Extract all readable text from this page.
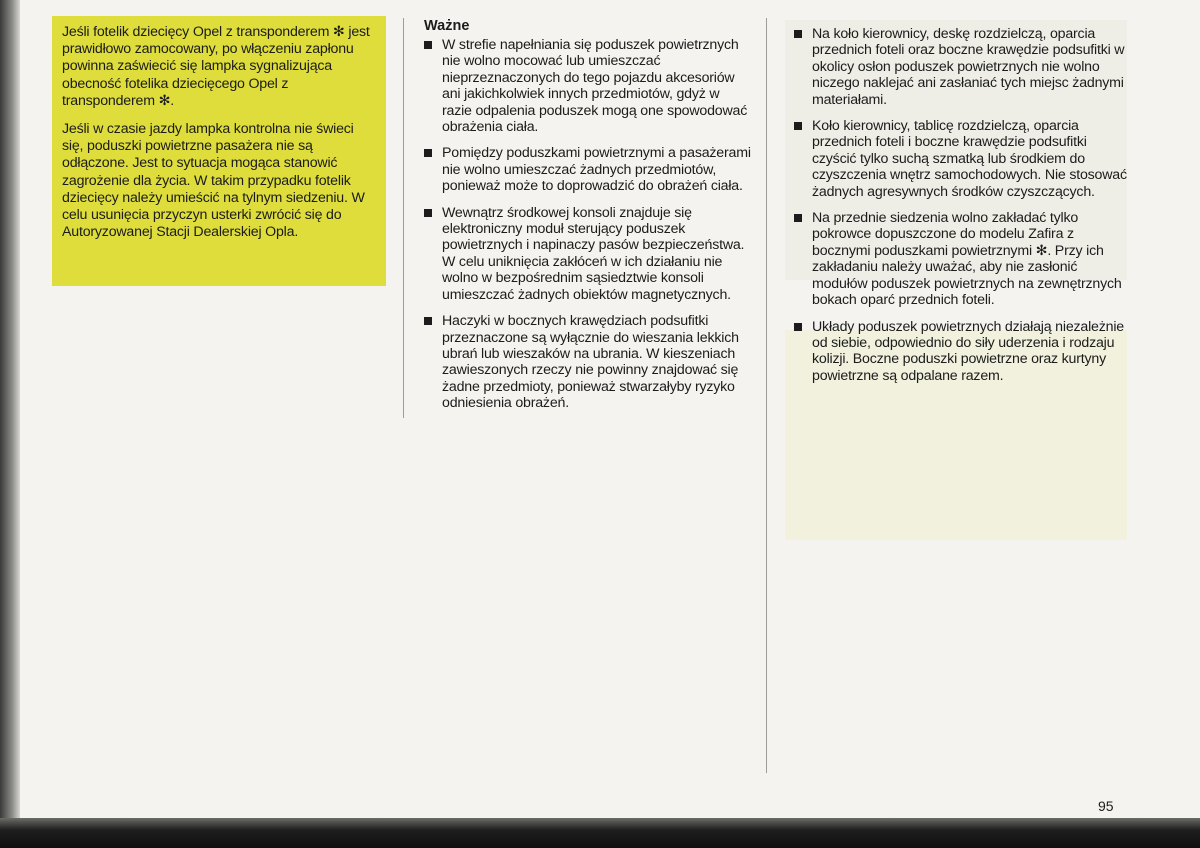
Jeśli fotelik dziecięcy Opel z transponderem ✻ jest prawidłowo zamocowany, po włączeniu zapłonu powinna zaświecić się lampka sygnalizująca obecność fotelika dziecięcego Opel z transponderem ✻.

Jeśli w czasie jazdy lampka kontrolna nie świeci się, poduszki powietrzne pasażera nie są odłączone. Jest to sytuacja mogąca stanowić zagrożenie dla życia. W takim przypadku fotelik dziecięcy należy umieścić na tylnym siedzeniu. W celu usunięcia przyczyn usterki zwrócić się do Autoryzowanej Stacji Dealerskiej Opla.

Ważne
W strefie napełniania się poduszek powietrznych nie wolno mocować lub umieszczać nieprzeznaczonych do tego pojazdu akcesoriów ani jakichkolwiek innych przedmiotów, gdyż w razie odpalenia poduszek mogą one spowodować obrażenia ciała.
Pomiędzy poduszkami powietrznymi a pasażerami nie wolno umieszczać żadnych przedmiotów, ponieważ może to doprowadzić do obrażeń ciała.
Wewnątrz środkowej konsoli znajduje się elektroniczny moduł sterujący poduszek powietrznych i napinaczy pasów bezpieczeństwa. W celu uniknięcia zakłóceń w ich działaniu nie wolno w bezpośrednim sąsiedztwie konsoli umieszczać żadnych obiektów magnetycznych.
Haczyki w bocznych krawędziach podsufitki przeznaczone są wyłącznie do wieszania lekkich ubrań lub wieszaków na ubrania. W kieszeniach zawieszonych rzeczy nie powinny znajdować się żadne przedmioty, ponieważ stwarzałyby ryzyko odniesienia obrażeń.
Na koło kierownicy, deskę rozdzielczą, oparcia przednich foteli oraz boczne krawędzie podsufitki w okolicy osłon poduszek powietrznych nie wolno niczego naklejać ani zasłaniać tych miejsc żadnymi materiałami.
Koło kierownicy, tablicę rozdzielczą, oparcia przednich foteli i boczne krawędzie podsufitki czyścić tylko suchą szmatką lub środkiem do czyszczenia wnętrz samochodowych. Nie stosować żadnych agresywnych środków czyszczących.
Na przednie siedzenia wolno zakładać tylko pokrowce dopuszczone do modelu Zafira z bocznymi poduszkami powietrznymi ✻. Przy ich zakładaniu należy uważać, aby nie zasłonić modułów poduszek powietrznych na zewnętrznych bokach oparć przednich foteli.
Układy poduszek powietrznych działają niezależnie od siebie, odpowiednio do siły uderzenia i rodzaju kolizji. Boczne poduszki powietrzne oraz kurtyny powietrzne są odpalane razem.
95
